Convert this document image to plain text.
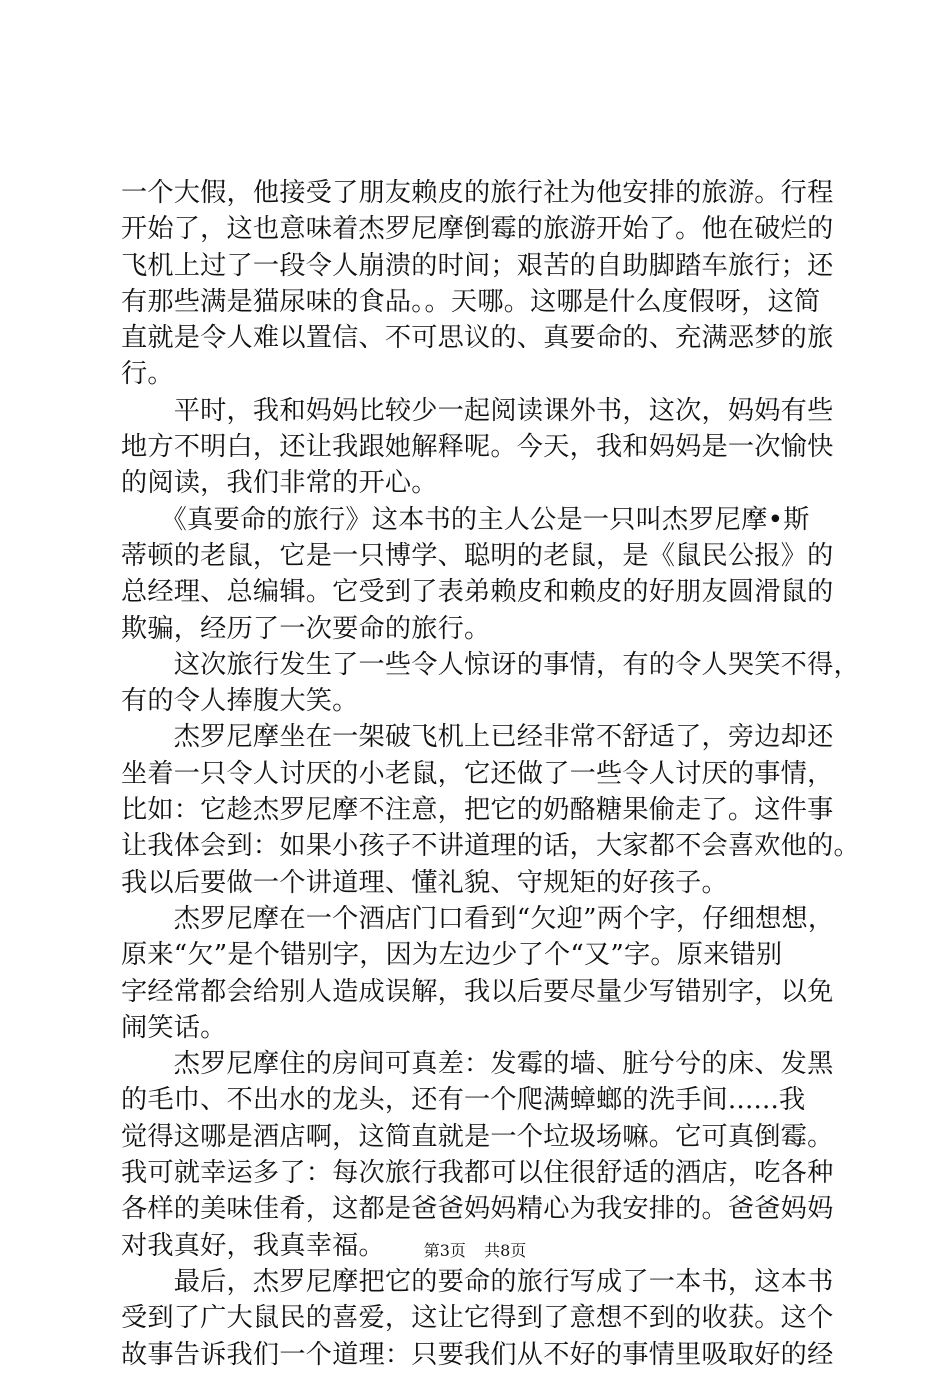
一个大假，他接受了朋友赖皮的旅行社为他安排的旅游。行程
开始了，这也意味着杰罗尼摩倒霉的旅游开始了。他在破烂的
飞机上过了一段令人崩溃的时间；艰苦的自助脚踏车旅行；还
有那些满是猫尿味的食品。。天哪。这哪是什么度假呀，这简
直就是令人难以置信、不可思议的、真要命的、充满恶梦的旅
行。
　　平时，我和妈妈比较少一起阅读课外书，这次，妈妈有些
地方不明白，还让我跟她解释呢。今天，我和妈妈是一次愉快
的阅读，我们非常的开心。
　　《真要命的旅行》这本书的主人公是一只叫杰罗尼摩•斯
蒂顿的老鼠，它是一只博学、聪明的老鼠，是《鼠民公报》的
总经理、总编辑。它受到了表弟赖皮和赖皮的好朋友圆滑鼠的
欺骗，经历了一次要命的旅行。
　　这次旅行发生了一些令人惊讶的事情，有的令人哭笑不得，
有的令人捧腹大笑。
　　杰罗尼摩坐在一架破飞机上已经非常不舒适了，旁边却还
坐着一只令人讨厌的小老鼠，它还做了一些令人讨厌的事情，
比如：它趁杰罗尼摩不注意，把它的奶酪糖果偷走了。这件事
让我体会到：如果小孩子不讲道理的话，大家都不会喜欢他的。
我以后要做一个讲道理、懂礼貌、守规矩的好孩子。
　　杰罗尼摩在一个酒店门口看到“欠迎”两个字，仔细想想，
原来“欠”是个错别字，因为左边少了个“又”字。原来错别
字经常都会给别人造成误解，我以后要尽量少写错别字，以免
闹笑话。
　　杰罗尼摩住的房间可真差：发霉的墙、脏兮兮的床、发黑
的毛巾、不出水的龙头，还有一个爬满蟑螂的洗手间......我
觉得这哪是酒店啊，这简直就是一个垃圾场嘛。它可真倒霉。
我可就幸运多了：每次旅行我都可以住很舒适的酒店，吃各种
各样的美味佳肴，这都是爸爸妈妈精心为我安排的。爸爸妈妈
对我真好，我真幸福。
　　最后，杰罗尼摩把它的要命的旅行写成了一本书，这本书
受到了广大鼠民的喜爱，这让它得到了意想不到的收获。这个
故事告诉我们一个道理：只要我们从不好的事情里吸取好的经
第3页   共8页
